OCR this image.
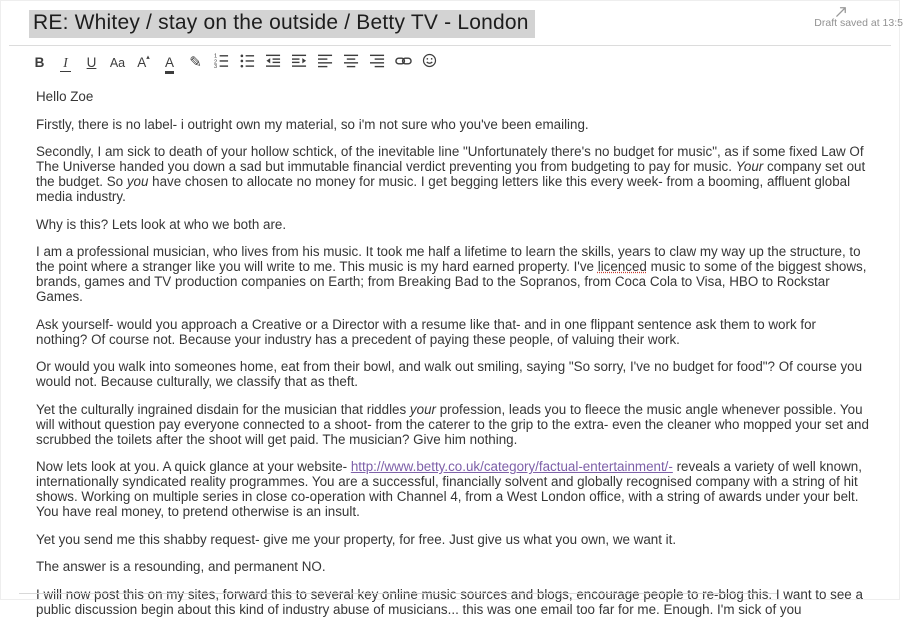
RE: Whitey / stay on the outside / Betty TV - London	Draft saved at 13:5
B I U Aa A▴ A ✎ 1
2
3

Hello Zoe

Firstly, there is no label- i outright own my material, so i'm not sure who you've been emailing.

Secondly, I am sick to death of your hollow schtick, of the inevitable line "Unfortunately there's no budget for music", as if some fixed Law Of The Universe handed you down a sad but immutable financial verdict preventing you from budgeting to pay for music. Your company set out the budget. So you have chosen to allocate no money for music. I get begging letters like this every week- from a booming, affluent global media industry.

Why is this? Lets look at who we both are.

I am a professional musician, who lives from his music. It took me half a lifetime to learn the skills, years to claw my way up the structure, to the point where a stranger like you will write to me. This music is my hard earned property. I've licenced music to some of the biggest shows, brands, games and TV production companies on Earth; from Breaking Bad to the Sopranos, from Coca Cola to Visa, HBO to Rockstar Games.

Ask yourself- would you approach a Creative or a Director with a resume like that- and in one flippant sentence ask them to work for nothing? Of course not. Because your industry has a precedent of paying these people, of valuing their work.

Or would you walk into someones home, eat from their bowl, and walk out smiling, saying "So sorry, I've no budget for food"? Of course you would not. Because culturally, we classify that as theft.

Yet the culturally ingrained disdain for the musician that riddles your profession, leads you to fleece the music angle whenever possible. You will without question pay everyone connected to a shoot- from the caterer to the grip to the extra- even the cleaner who mopped your set and scrubbed the toilets after the shoot will get paid. The musician? Give him nothing.

Now lets look at you. A quick glance at your website- http://www.betty.co.uk/category/factual-entertainment/- reveals a variety of well known, internationally syndicated reality programmes. You are a successful, financially solvent and globally recognised company with a string of hit shows. Working on multiple series in close co-operation with Channel 4, from a West London office, with a string of awards under your belt. You have real money, to pretend otherwise is an insult.

Yet you send me this shabby request- give me your property, for free. Just give us what you own, we want it.

The answer is a resounding, and permanent NO.

I will now post this on my sites, forward this to several key online music sources and blogs, encourage people to re-blog this. I want to see a public discussion begin about this kind of industry abuse of musicians... this was one email too far for me. Enough. I'm sick of you
